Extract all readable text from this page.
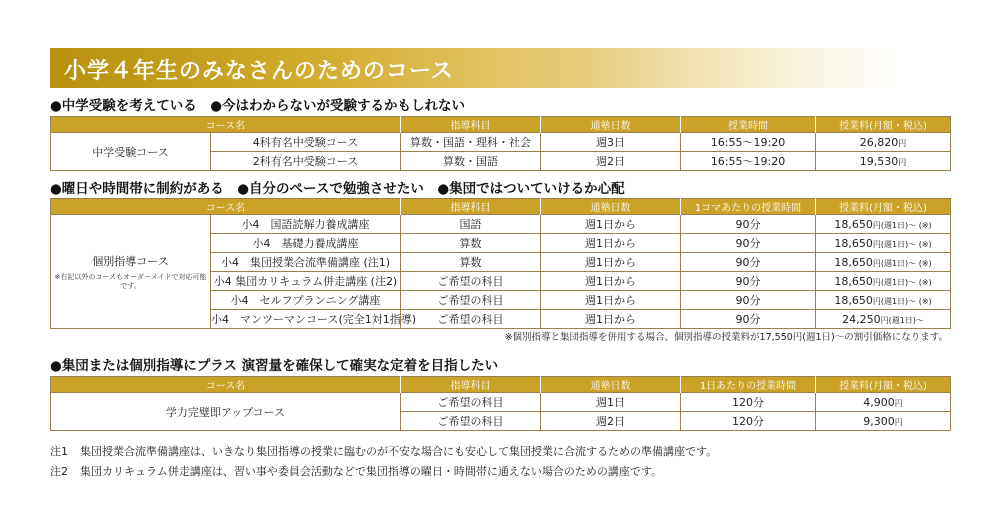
小学４年生のみなさんのためのコース
●中学受験を考えている　●今はわからないが受験するかもしれない
コース名		指導科目	通塾日数	授業時間	授業料(月額・税込)
中学受験コース	4科有名中受験コース	算数・国語・理科・社会	週3日	16:55～19:20	26,820円
	2科有名中受験コース	算数・国語	週2日	16:55～19:20	19,530円
●曜日や時間帯に制約がある　●自分のペースで勉強させたい　●集団ではついていけるか心配
コース名		指導科目	通塾日数	1コマあたりの授業時間	授業料(月額・税込)
個別指導コース
※右記以外のコースもオーダーメイドで対応可能です。	小4　国語読解力養成講座	国語	週1日から	90分	18,650円(週1日)～ (※)
	小4　基礎力養成講座	算数	週1日から	90分	18,650円(週1日)～ (※)
	小4　集団授業合流準備講座 (注1)	算数	週1日から	90分	18,650円(週1日)～ (※)
	小4 集団カリキュラム併走講座 (注2)	ご希望の科目	週1日から	90分	18,650円(週1日)～ (※)
	小4　セルフプランニング講座	ご希望の科目	週1日から	90分	18,650円(週1日)～ (※)
	小4　マンツーマンコース(完全1対1指導)	ご希望の科目	週1日から	90分	24,250円(週1日)～
※個別指導と集団指導を併用する場合、個別指導の授業料が17,550円(週1日)～の割引価格になります。
●集団または個別指導にプラス 演習量を確保して確実な定着を目指したい
コース名	指導科目	通塾日数	1日あたりの授業時間	授業料(月額・税込)
学力完璧即アップコース	ご希望の科目	週1日	120分	4,900円
	ご希望の科目	週2日	120分	9,300円
注1 集団授業合流準備講座は、いきなり集団指導の授業に臨むのが不安な場合にも安心して集団授業に合流するための準備講座です。
注2 集団カリキュラム併走講座は、習い事や委員会活動などで集団指導の曜日・時間帯に通えない場合のための講座です。
